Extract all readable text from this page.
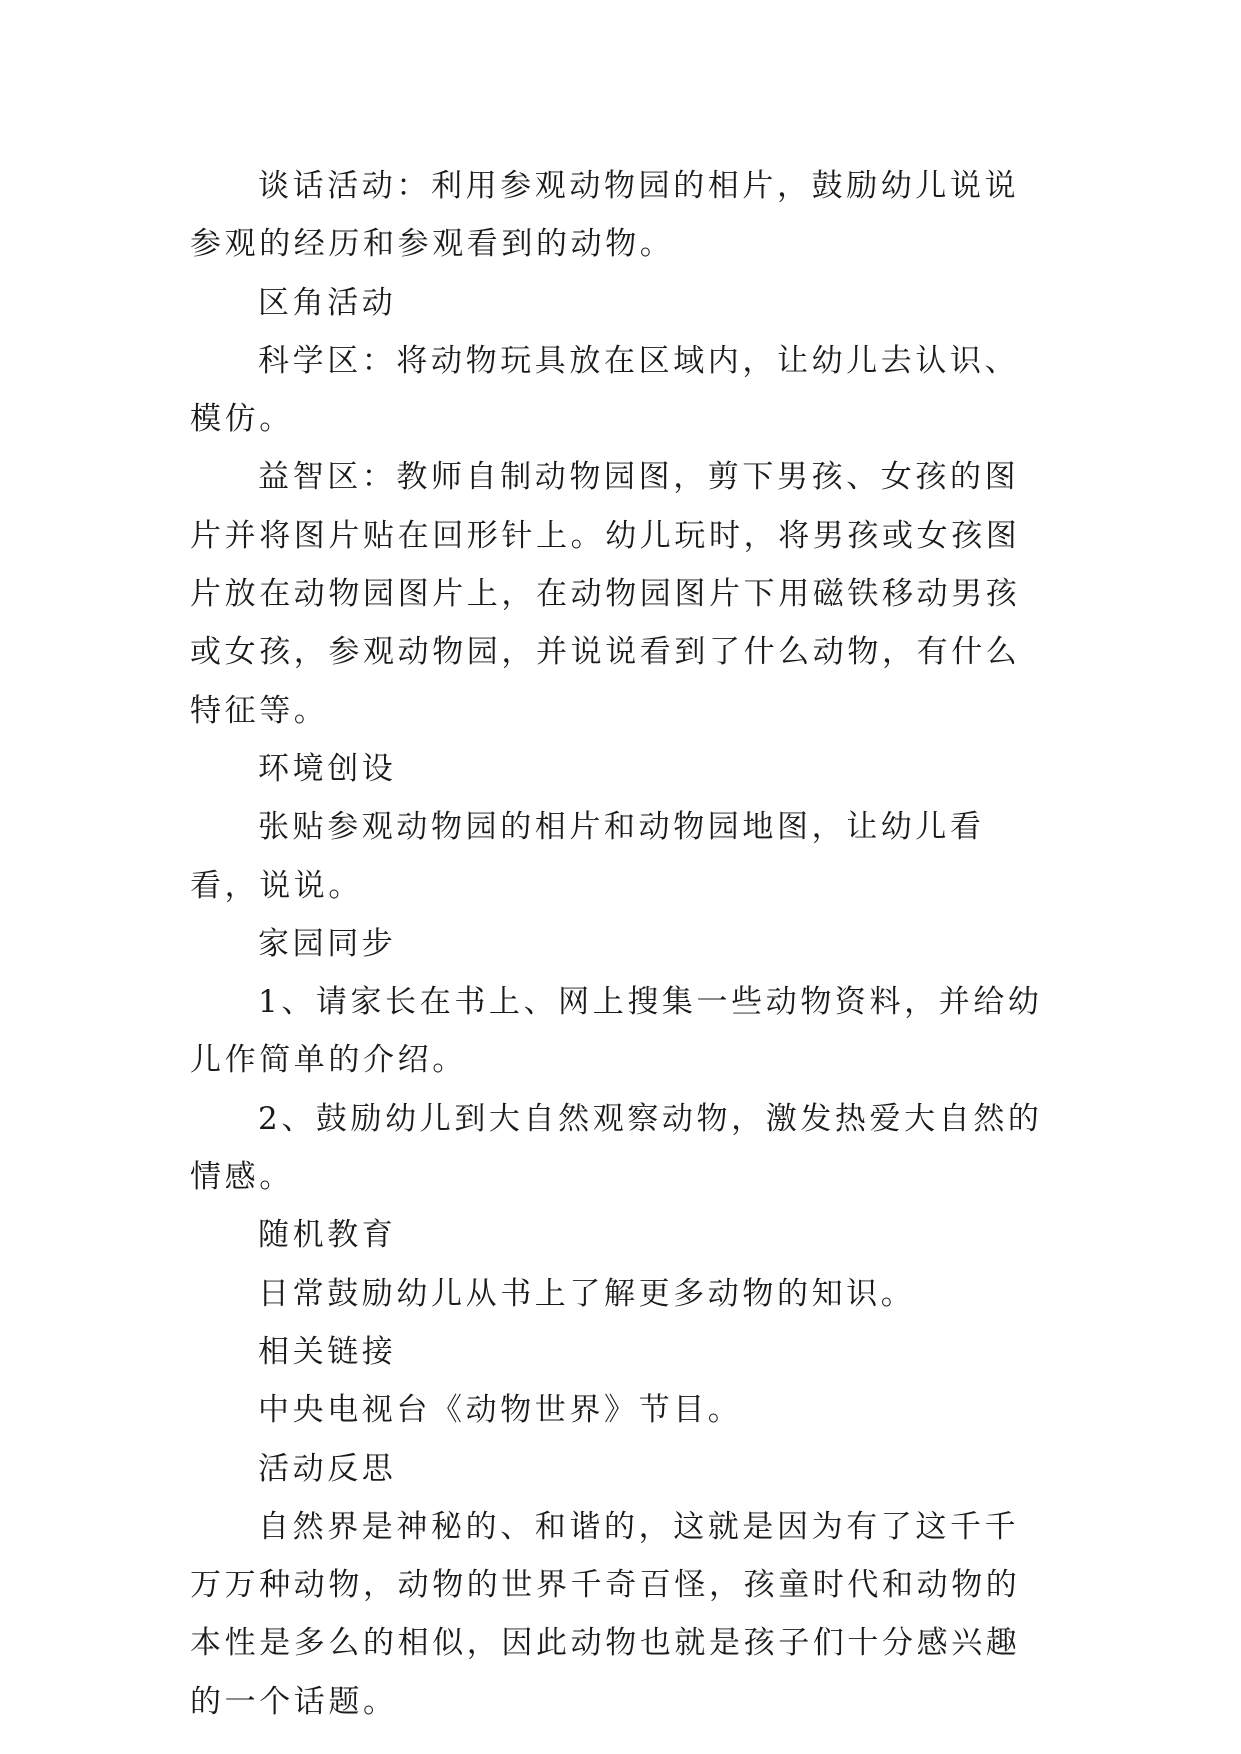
谈话活动：利用参观动物园的相片，鼓励幼儿说说参观的经历和参观看到的动物。

区角活动

科学区：将动物玩具放在区域内，让幼儿去认识、模仿。

益智区：教师自制动物园图，剪下男孩、女孩的图片并将图片贴在回形针上。幼儿玩时，将男孩或女孩图片放在动物园图片上，在动物园图片下用磁铁移动男孩或女孩，参观动物园，并说说看到了什么动物，有什么特征等。

环境创设

张贴参观动物园的相片和动物园地图，让幼儿看看，说说。

家园同步

1、请家长在书上、网上搜集一些动物资料，并给幼儿作简单的介绍。

2、鼓励幼儿到大自然观察动物，激发热爱大自然的情感。

随机教育

日常鼓励幼儿从书上了解更多动物的知识。

相关链接

中央电视台《动物世界》节目。

活动反思

自然界是神秘的、和谐的，这就是因为有了这千千万万种动物，动物的世界千奇百怪，孩童时代和动物的本性是多么的相似，因此动物也就是孩子们十分感兴趣的一个话题。
